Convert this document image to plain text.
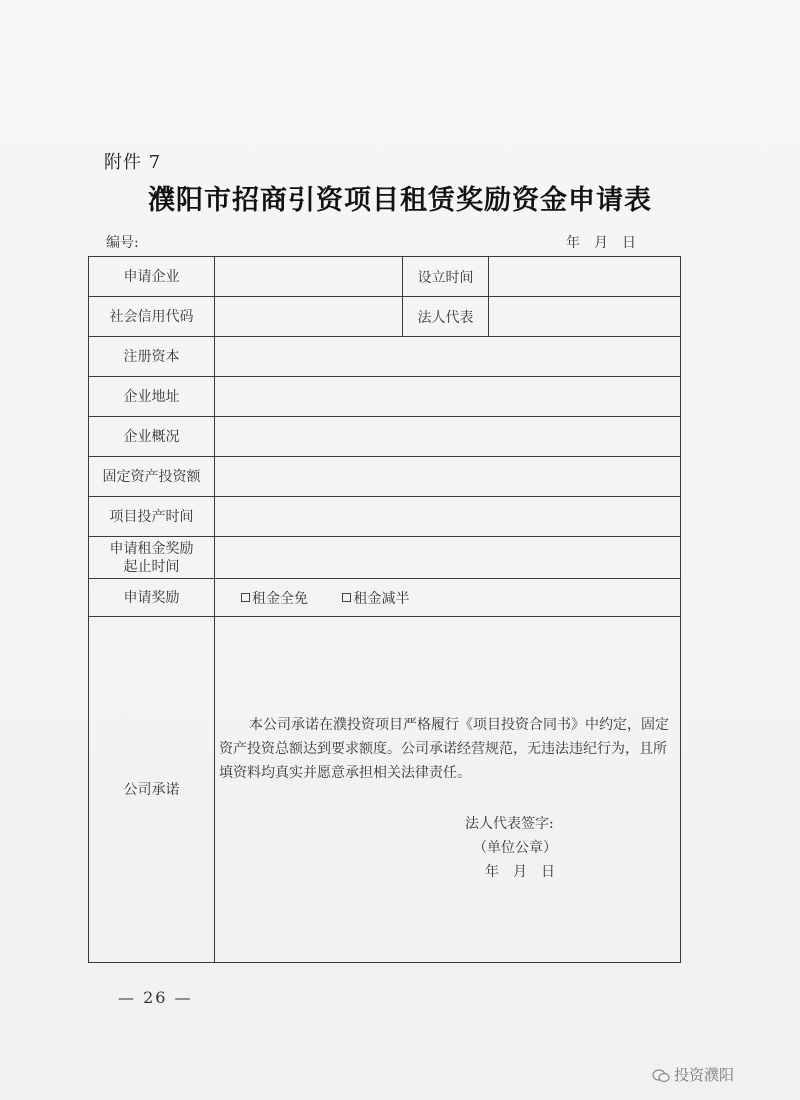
附件 7
濮阳市招商引资项目租赁奖励资金申请表
编号:	年　月　日
申请企业		设立时间	
社会信用代码		法人代表	
注册资本			
企业地址			
企业概况			
固定资产投资额			
项目投产时间			

申请租金奖励
起止时间			

申请奖励	租金全免 租金减半		
公司承诺	本公司承诺在濮投资项目严格履行《项目投资合同书》中约定，固定资产投资总额达到要求额度。公司承诺经营规范，无违法违纪行为，且所填资料均真实并愿意承担相关法律责任。
法人代表签字:
（单位公章）
年　月　日		
— 26 —
投资濮阳
